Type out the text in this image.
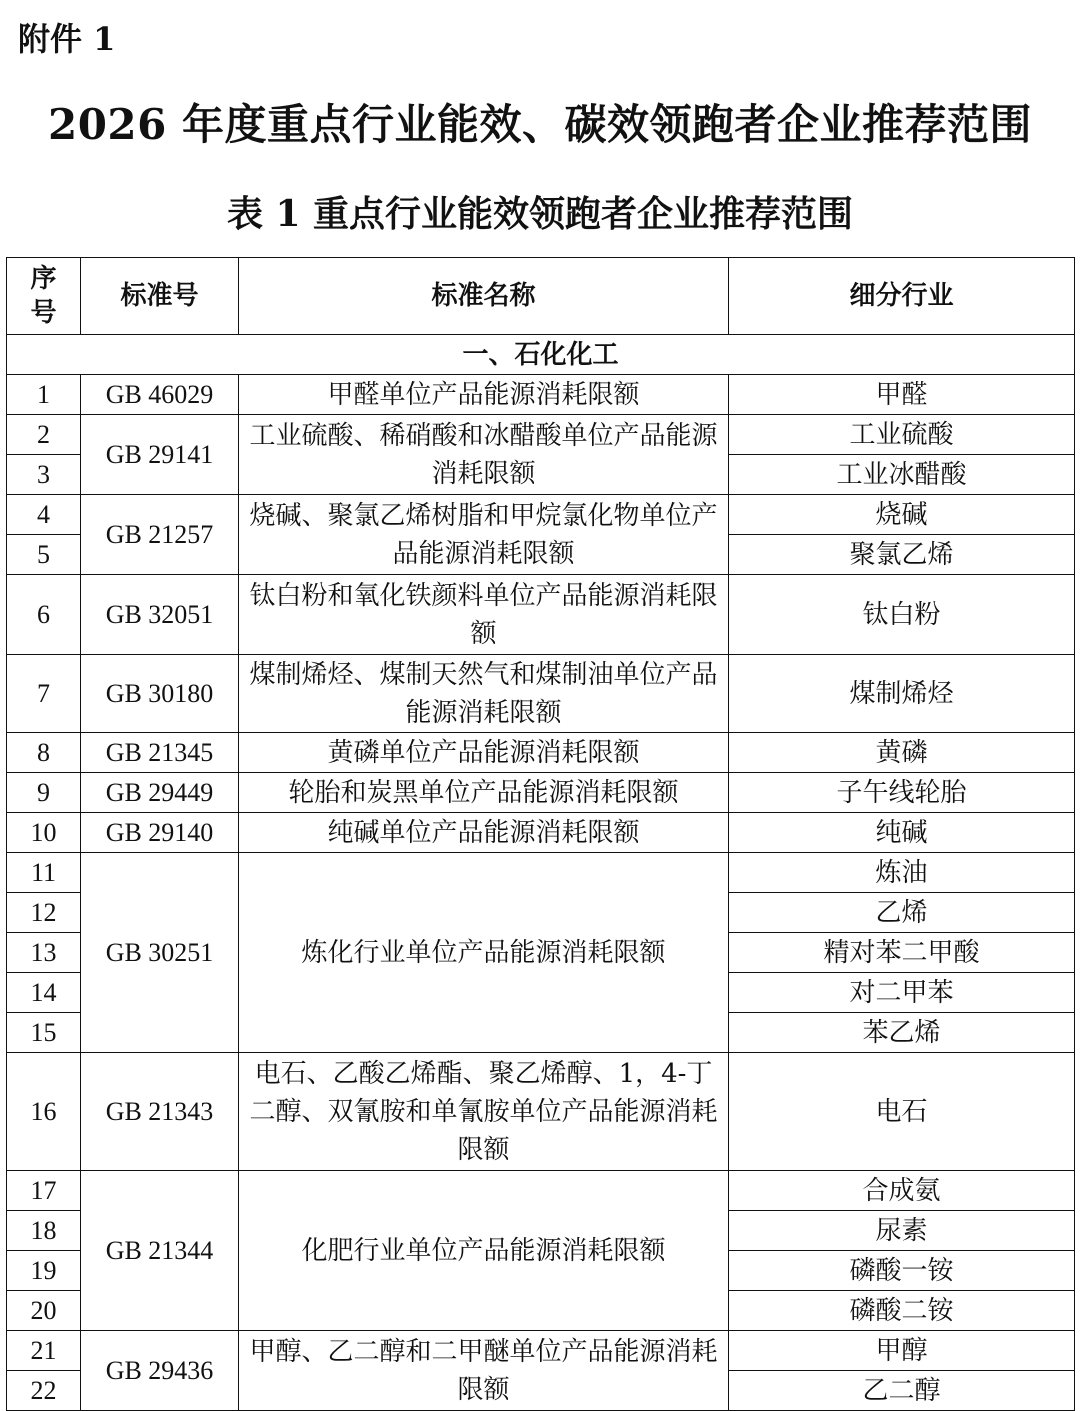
附件 1
2026 年度重点行业能效、碳效领跑者企业推荐范围
表 1 重点行业能效领跑者企业推荐范围
序号	标准号	标准名称	细分行业
一、石化化工			
1	GB 46029	甲醛单位产品能源消耗限额	甲醛
2	GB 29141	工业硫酸、稀硝酸和冰醋酸单位产品能源消耗限额	工业硫酸
3			工业冰醋酸
4	GB 21257	烧碱、聚氯乙烯树脂和甲烷氯化物单位产品能源消耗限额	烧碱
5			聚氯乙烯
6	GB 32051	钛白粉和氧化铁颜料单位产品能源消耗限额	钛白粉
7	GB 30180	煤制烯烃、煤制天然气和煤制油单位产品能源消耗限额	煤制烯烃
8	GB 21345	黄磷单位产品能源消耗限额	黄磷
9	GB 29449	轮胎和炭黑单位产品能源消耗限额	子午线轮胎
10	GB 29140	纯碱单位产品能源消耗限额	纯碱
11	GB 30251	炼化行业单位产品能源消耗限额	炼油
12			乙烯
13			精对苯二甲酸
14			对二甲苯
15			苯乙烯
16	GB 21343	电石、乙酸乙烯酯、聚乙烯醇、1，4-丁二醇、双氰胺和单氰胺单位产品能源消耗限额	电石
17	GB 21344	化肥行业单位产品能源消耗限额	合成氨
18			尿素
19			磷酸一铵
20			磷酸二铵
21	GB 29436	甲醇、乙二醇和二甲醚单位产品能源消耗限额	甲醇
22			乙二醇
